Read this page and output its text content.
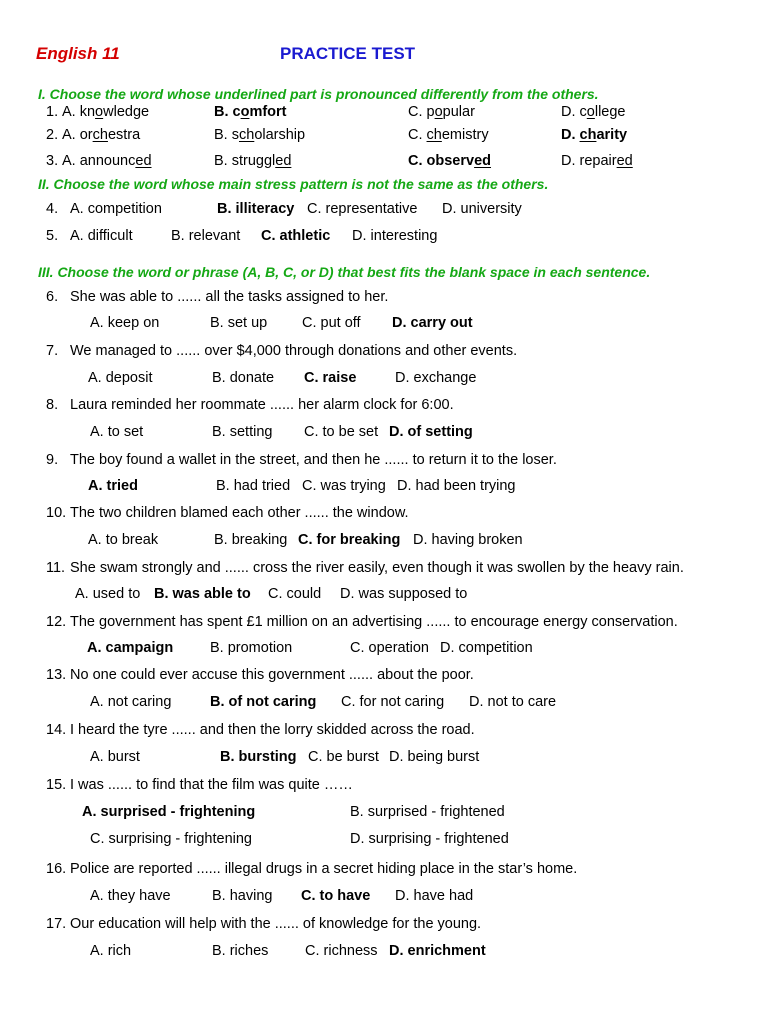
English 11	PRACTICE TEST
I. Choose the word whose underlined part is pronounced differently from the others.
1. A. knowledge	B. comfort	C. popular	D. college
2. A. orchestra	B. scholarship	C. chemistry	D. charity
3. A. announced	B. struggled	C. observed	D. repaired
II. Choose the word whose main stress pattern is not the same as the others.
4. A. competition	B. illiteracy C. representative D. university
5. A. difficult	B. relevant C. athletic D. interesting
III. Choose the word or phrase (A, B, C, or D) that best fits the blank space in each sentence.
6. She was able to ...... all the tasks assigned to her.
A. keep on	B. set up C. put off D. carry out
7. We managed to ...... over $4,000 through donations and other events.
A. deposit	B. donate C. raise	D. exchange
8. Laura reminded her roommate ...... her alarm clock for 6:00.
A. to set	B. setting C. to be set D. of setting
9. The boy found a wallet in the street, and then he ...... to return it to the loser.
A. tried	B. had tried C. was trying D. had been trying
10. The two children blamed each other ...... the window.
A. to break	B. breaking C. for breaking D. having broken
11. She swam strongly and ...... cross the river easily, even though it was swollen by the heavy rain.
A. used to B. was able to C. could D. was supposed to
12. The government has spent £1 million on an advertising ...... to encourage energy conservation.
A. campaign	B. promotion	C. operation D. competition
13. No one could ever accuse this government ...... about the poor.
A. not caring	B. of not caring C. for not caring D. not to care
14. I heard the tyre ...... and then the lorry skidded across the road.
A. burst	B. bursting C. be burst D. being burst
15. I was ...... to find that the film was quite ……
A. surprised - frightening	B. surprised - frightened
C. surprising - frightening	D. surprising - frightened
16. Police are reported ...... illegal drugs in a secret hiding place in the star’s home.
A. they have	B. having C. to have D. have had
17. Our education will help with the ...... of knowledge for the young.
A. rich	B. riches	C. richness D. enrichment
